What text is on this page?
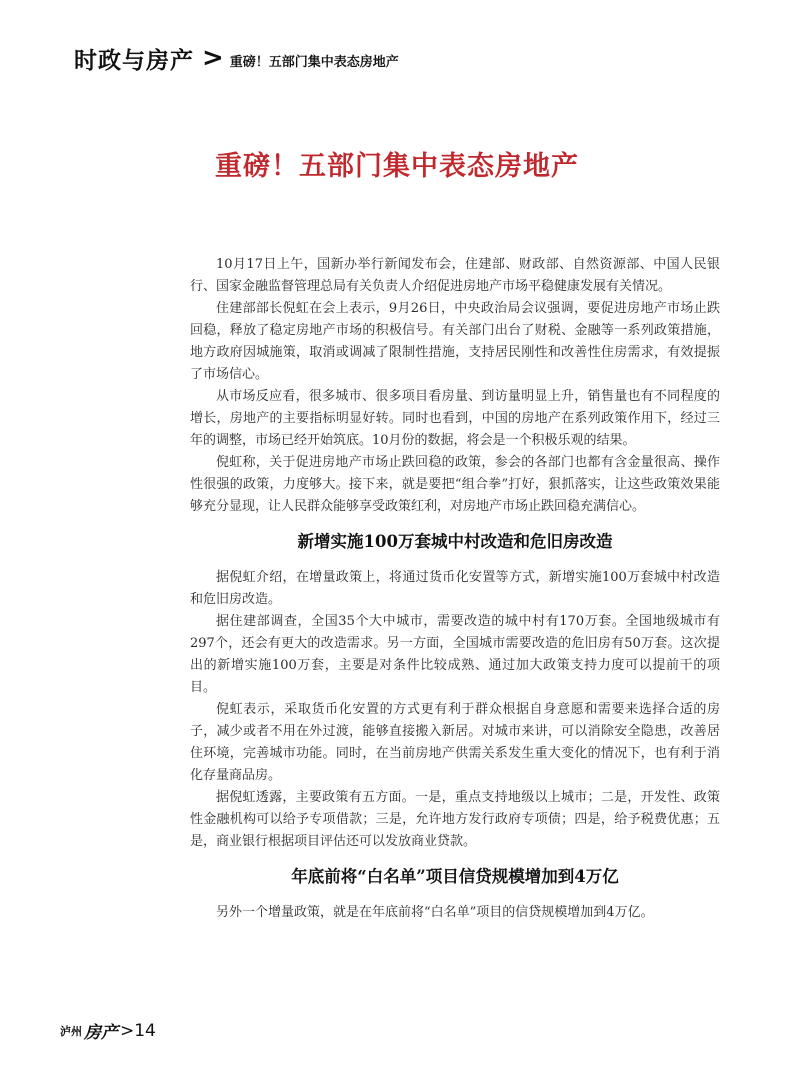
时政与房产 > 重磅！五部门集中表态房地产
重磅！五部门集中表态房地产

10月17日上午，国新办举行新闻发布会，住建部、财政部、自然资源部、中国人民银行、国家金融监督管理总局有关负责人介绍促进房地产市场平稳健康发展有关情况。

住建部部长倪虹在会上表示，9月26日，中央政治局会议强调，要促进房地产市场止跌回稳，释放了稳定房地产市场的积极信号。有关部门出台了财税、金融等一系列政策措施，地方政府因城施策，取消或调减了限制性措施，支持居民刚性和改善性住房需求，有效提振了市场信心。

从市场反应看，很多城市、很多项目看房量、到访量明显上升，销售量也有不同程度的增长，房地产的主要指标明显好转。同时也看到，中国的房地产在系列政策作用下，经过三年的调整，市场已经开始筑底。10月份的数据，将会是一个积极乐观的结果。

倪虹称，关于促进房地产市场止跌回稳的政策，参会的各部门也都有含金量很高、操作性很强的政策，力度够大。接下来，就是要把“组合拳”打好，狠抓落实，让这些政策效果能够充分显现，让人民群众能够享受政策红利，对房地产市场止跌回稳充满信心。

新增实施100万套城中村改造和危旧房改造

据倪虹介绍，在增量政策上，将通过货币化安置等方式，新增实施100万套城中村改造和危旧房改造。

据住建部调查，全国35个大中城市，需要改造的城中村有170万套。全国地级城市有297个，还会有更大的改造需求。另一方面，全国城市需要改造的危旧房有50万套。这次提出的新增实施100万套，主要是对条件比较成熟、通过加大政策支持力度可以提前干的项目。

倪虹表示，采取货币化安置的方式更有利于群众根据自身意愿和需要来选择合适的房子，减少或者不用在外过渡，能够直接搬入新居。对城市来讲，可以消除安全隐患，改善居住环境，完善城市功能。同时，在当前房地产供需关系发生重大变化的情况下，也有利于消化存量商品房。

据倪虹透露，主要政策有五方面。一是，重点支持地级以上城市；二是，开发性、政策性金融机构可以给予专项借款；三是，允许地方发行政府专项债；四是，给予税费优惠；五是，商业银行根据项目评估还可以发放商业贷款。

年底前将“白名单”项目信贷规模增加到4万亿

另外一个增量政策，就是在年底前将“白名单”项目的信贷规模增加到4万亿。

泸州 房产 >14
